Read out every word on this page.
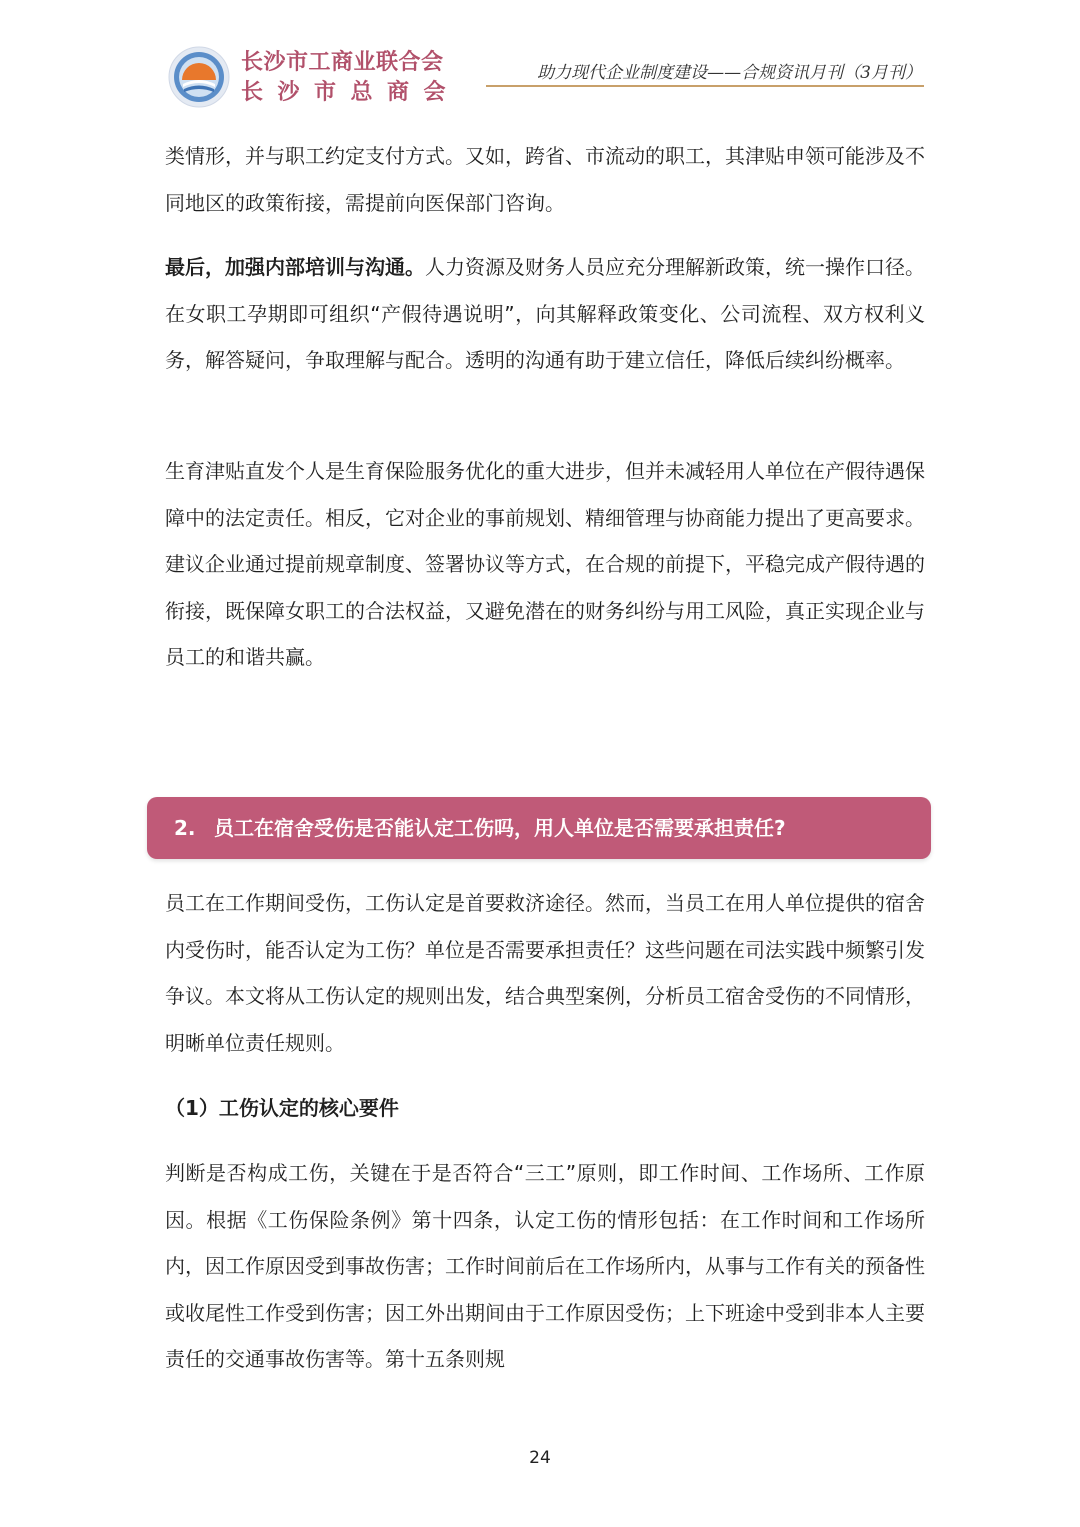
长沙市工商业联合会
长沙市总商会
助力现代企业制度建设——合规资讯月刊（3月刊）

类情形，并与职工约定支付方式。又如，跨省、市流动的职工，其津贴申领可能涉及不同地区的政策衔接，需提前向医保部门咨询。

最后，加强内部培训与沟通。人力资源及财务人员应充分理解新政策，统一操作口径。在女职工孕期即可组织“产假待遇说明”，向其解释政策变化、公司流程、双方权利义务，解答疑问，争取理解与配合。透明的沟通有助于建立信任，降低后续纠纷概率。

生育津贴直发个人是生育保险服务优化的重大进步，但并未减轻用人单位在产假待遇保障中的法定责任。相反，它对企业的事前规划、精细管理与协商能力提出了更高要求。建议企业通过提前规章制度、签署协议等方式，在合规的前提下，平稳完成产假待遇的衔接，既保障女职工的合法权益，又避免潜在的财务纠纷与用工风险，真正实现企业与员工的和谐共赢。

2. 员工在宿舍受伤是否能认定工伤吗，用人单位是否需要承担责任?

员工在工作期间受伤，工伤认定是首要救济途径。然而，当员工在用人单位提供的宿舍内受伤时，能否认定为工伤？单位是否需要承担责任？这些问题在司法实践中频繁引发争议。本文将从工伤认定的规则出发，结合典型案例，分析员工宿舍受伤的不同情形，明晰单位责任规则。

（1）工伤认定的核心要件

判断是否构成工伤，关键在于是否符合“三工”原则，即工作时间、工作场所、工作原因。根据《工伤保险条例》第十四条，认定工伤的情形包括：在工作时间和工作场所内，因工作原因受到事故伤害；工作时间前后在工作场所内，从事与工作有关的预备性或收尾性工作受到伤害；因工外出期间由于工作原因受伤；上下班途中受到非本人主要责任的交通事故伤害等。第十五条则规

24
